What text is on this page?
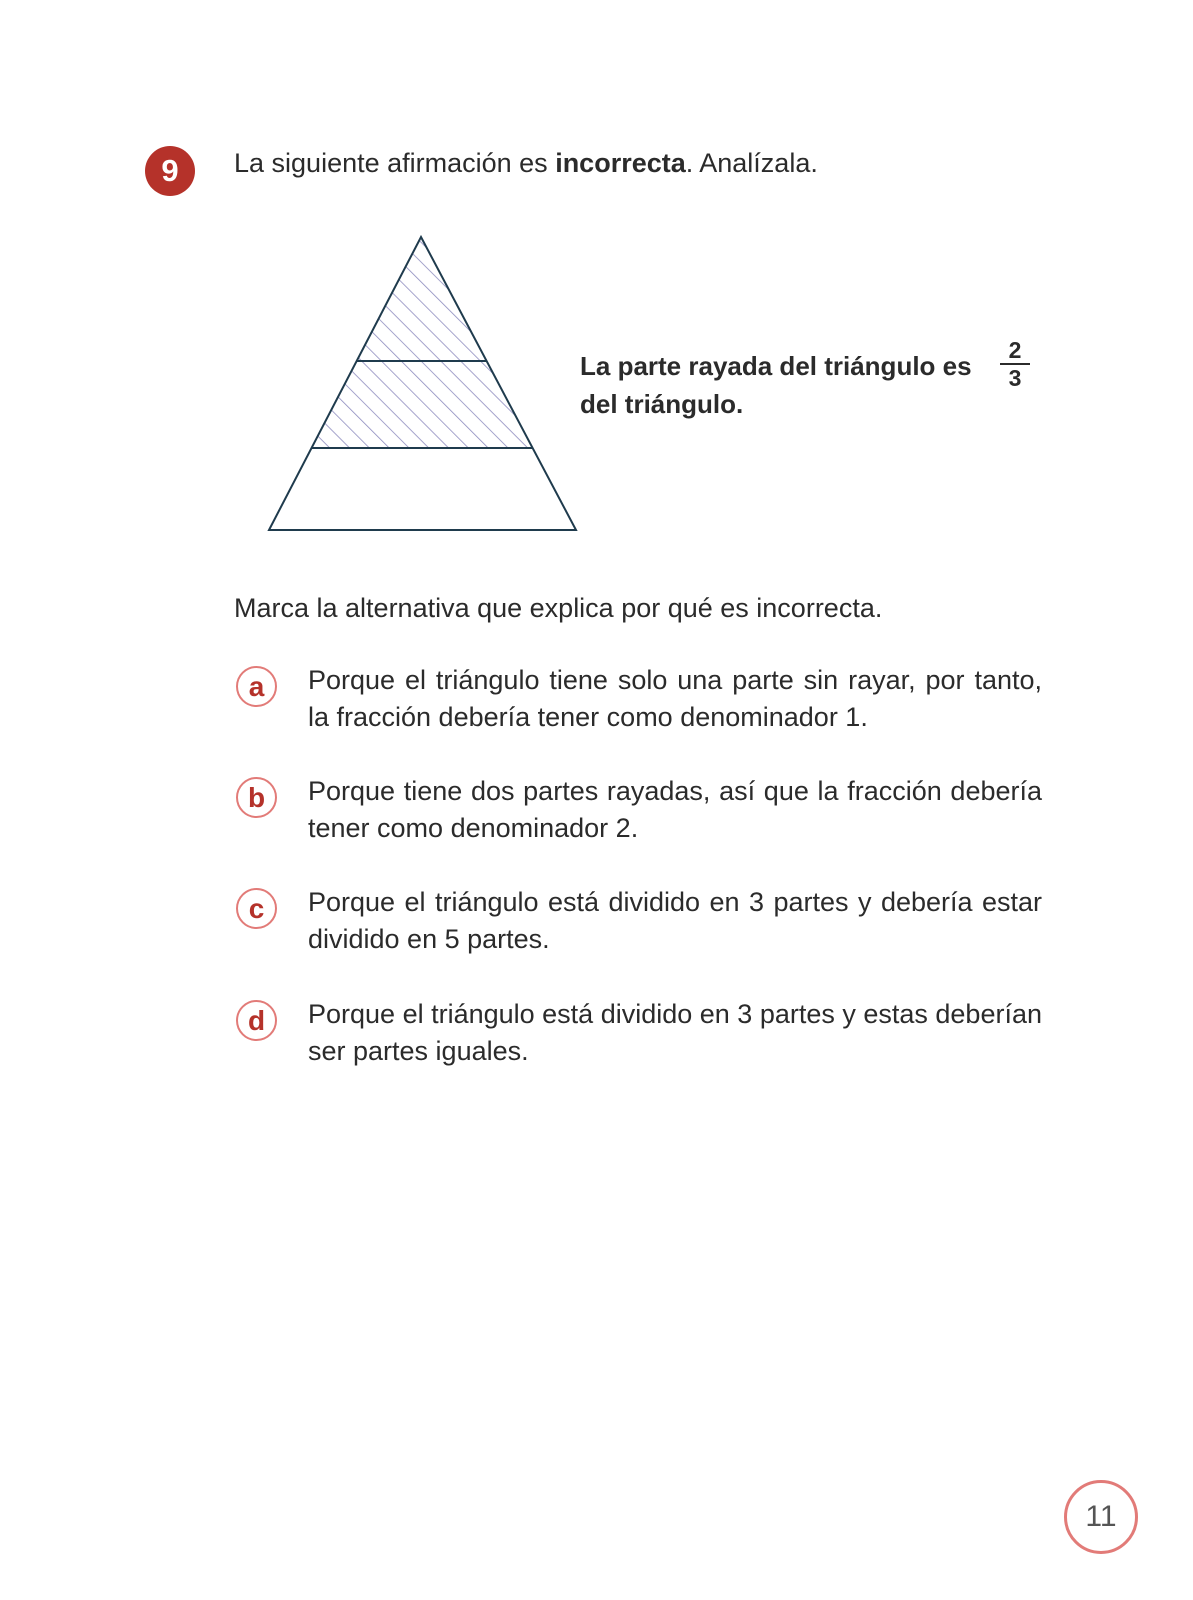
9	La siguiente afirmación es incorrecta. Analízala.
La parte rayada del triángulo es
del triángulo.
$\frac{2}{3}$
Marca la alternativa que explica por qué es incorrecta.
a	Porque el triángulo tiene solo una parte sin rayar, por tanto, la fracción debería tener como denominador 1.
b	Porque tiene dos partes rayadas, así que la fracción debería tener como denominador 2.
c	Porque el triángulo está dividido en 3 partes y debería estar dividido en 5 partes.
d	Porque el triángulo está dividido en 3 partes y estas deberían ser partes iguales.
11
